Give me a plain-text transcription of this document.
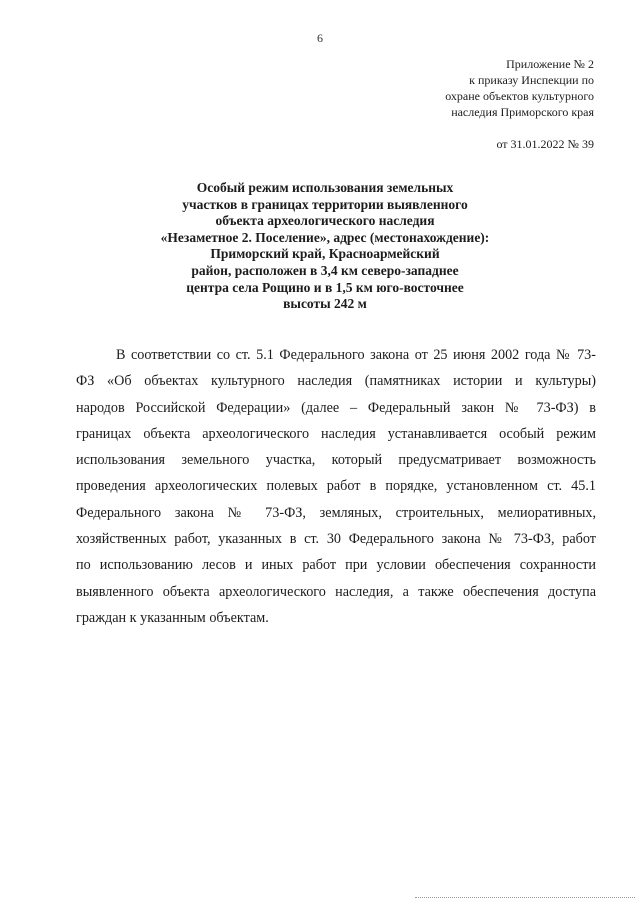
6
Приложение № 2
к приказу Инспекции по
охране объектов культурного
наследия Приморского края
от 31.01.2022 № 39
Особый режим использования земельных
участков в границах территории выявленного
объекта археологического наследия
«Незаметное 2. Поселение», адрес (местонахождение):
Приморский край, Красноармейский
район, расположен в 3,4 км северо-западнее
центра села Рощино и в 1,5 км юго-восточнее
высоты 242 м
В соответствии со ст. 5.1 Федерального закона от 25 июня 2002 года № 73-
ФЗ «Об объектах культурного наследия (памятниках истории и культуры)
народов Российской Федерации» (далее – Федеральный закон № 73-ФЗ) в
границах объекта археологического наследия устанавливается особый режим
использования земельного участка, который предусматривает возможность
проведения археологических полевых работ в порядке, установленном ст. 45.1
Федерального закона № 73-ФЗ, земляных, строительных, мелиоративных,
хозяйственных работ, указанных в ст. 30 Федерального закона № 73-ФЗ, работ
по использованию лесов и иных работ при условии обеспечения сохранности
выявленного объекта археологического наследия, а также обеспечения доступа
граждан к указанным объектам.
